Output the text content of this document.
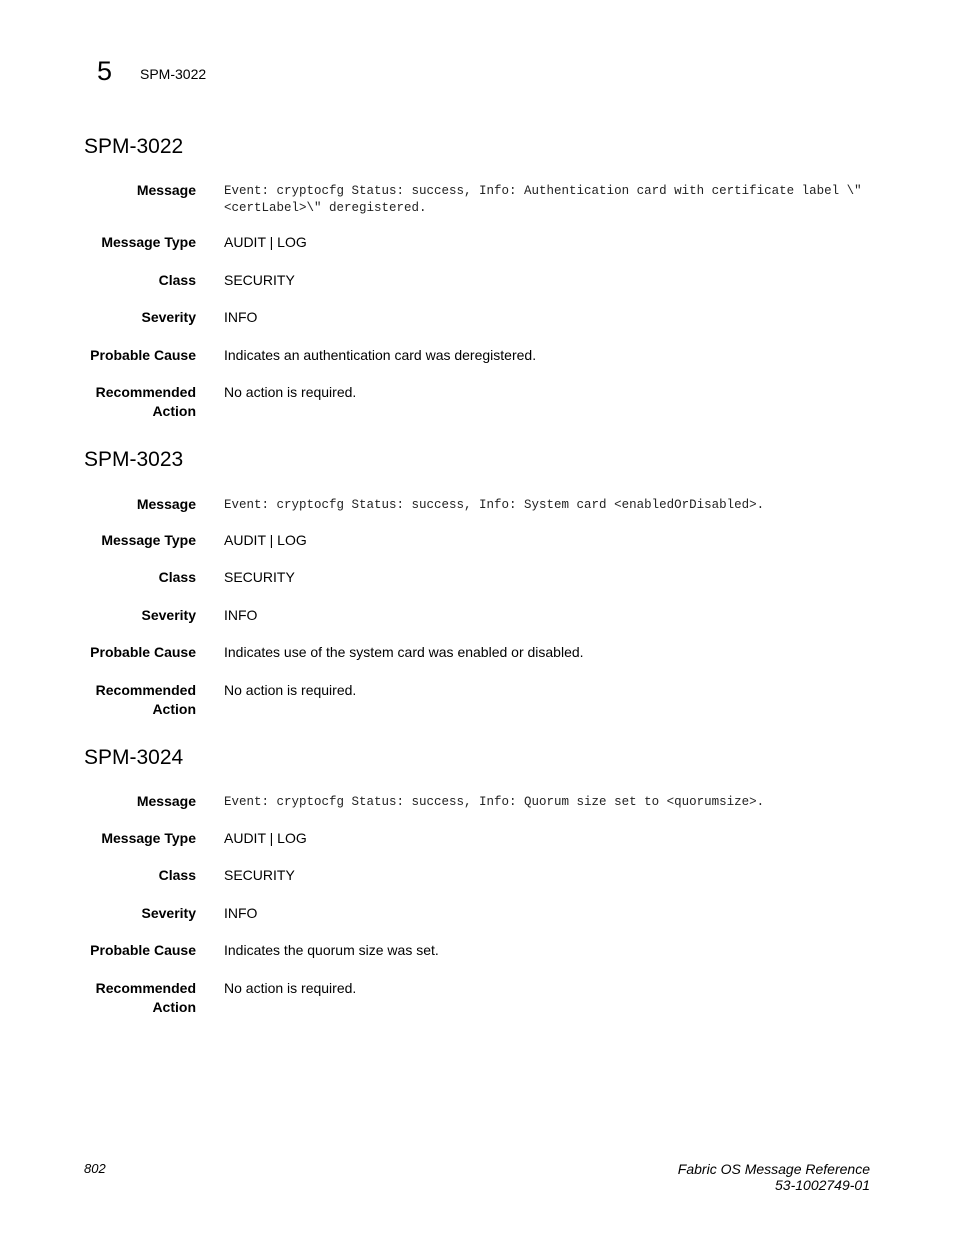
5 SPM-3022
SPM-3022
Message Event: cryptocfg Status: success, Info: Authentication card with certificate label \"<certLabel>\" deregistered.
Message Type AUDIT | LOG
Class SECURITY
Severity INFO
Probable Cause Indicates an authentication card was deregistered.
Recommended Action
No action is required.
SPM-3023
Message Event: cryptocfg Status: success, Info: System card <enabledOrDisabled>.
Message Type AUDIT | LOG
Class SECURITY
Severity INFO
Probable Cause Indicates use of the system card was enabled or disabled.
Recommended Action
No action is required.
SPM-3024
Message Event: cryptocfg Status: success, Info: Quorum size set to <quorumsize>.
Message Type AUDIT | LOG
Class SECURITY
Severity INFO
Probable Cause Indicates the quorum size was set.
Recommended Action
No action is required.
802	Fabric OS Message Reference
53-1002749-01
